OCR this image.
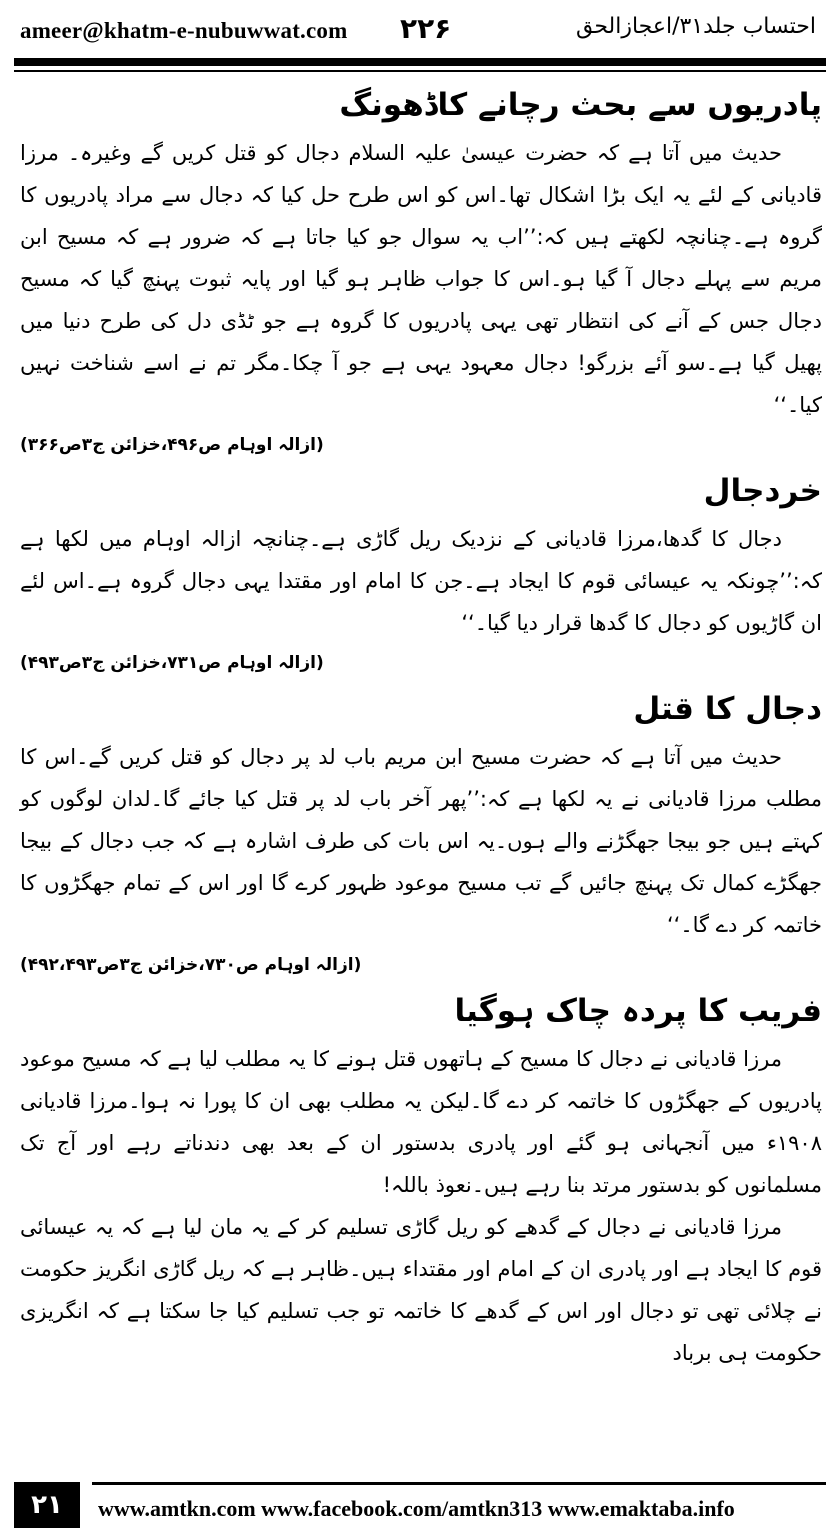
ameer@khatm-e-nubuwwat.com ۲۲۶	احتساب جلد۳۱/اعجازالحق
پادریوں سے بحث رچانے کاڈھونگ

حدیث میں آتا ہے کہ حضرت عیسیٰ علیہ السلام دجال کو قتل کریں گے وغیرہ۔ مرزا قادیانی کے لئے یہ ایک بڑا اشکال تھا۔اس کو اس طرح حل کیا کہ دجال سے مراد پادریوں کا گروہ ہے۔چنانچہ لکھتے ہیں کہ:’’اب یہ سوال جو کیا جاتا ہے کہ ضرور ہے کہ مسیح ابن مریم سے پہلے دجال آ گیا ہو۔اس کا جواب ظاہر ہو گیا اور پایہ ثبوت پہنچ گیا کہ مسیح دجال جس کے آنے کی انتظار تھی یہی پادریوں کا گروہ ہے جو ٹڈی دل کی طرح دنیا میں پھیل گیا ہے۔سو آئے بزرگو! دجال معہود یہی ہے جو آ چکا۔مگر تم نے اسے شناخت نہیں کیا۔‘‘

(ازالہ اوہام ص۴۹۶،خزائن ج۳ص۳۶۶)

خردجال

دجال کا گدھا،مرزا قادیانی کے نزدیک ریل گاڑی ہے۔چنانچہ ازالہ اوہام میں لکھا ہے کہ:’’چونکہ یہ عیسائی قوم کا ایجاد ہے۔جن کا امام اور مقتدا یہی دجال گروہ ہے۔اس لئے ان گاڑیوں کو دجال کا گدھا قرار دیا گیا۔‘‘

(ازالہ اوہام ص۷۳۱،خزائن ج۳ص۴۹۳)

دجال کا قتل

حدیث میں آتا ہے کہ حضرت مسیح ابن مریم باب لد پر دجال کو قتل کریں گے۔اس کا مطلب مرزا قادیانی نے یہ لکھا ہے کہ:’’پھر آخر باب لد پر قتل کیا جائے گا۔لدان لوگوں کو کہتے ہیں جو بیجا جھگڑنے والے ہوں۔یہ اس بات کی طرف اشارہ ہے کہ جب دجال کے بیجا جھگڑے کمال تک پہنچ جائیں گے تب مسیح موعود ظہور کرے گا اور اس کے تمام جھگڑوں کا خاتمہ کر دے گا۔‘‘

(ازالہ اوہام ص۷۳۰،خزائن ج۳ص۴۹۲،۴۹۳)

فریب کا پردہ چاک ہوگیا

مرزا قادیانی نے دجال کا مسیح کے ہاتھوں قتل ہونے کا یہ مطلب لیا ہے کہ مسیح موعود پادریوں کے جھگڑوں کا خاتمہ کر دے گا۔لیکن یہ مطلب بھی ان کا پورا نہ ہوا۔مرزا قادیانی ۱۹۰۸ء میں آنجہانی ہو گئے اور پادری بدستور ان کے بعد بھی دندناتے رہے اور آج تک مسلمانوں کو بدستور مرتد بنا رہے ہیں۔نعوذ باللہ!

مرزا قادیانی نے دجال کے گدھے کو ریل گاڑی تسلیم کر کے یہ مان لیا ہے کہ یہ عیسائی قوم کا ایجاد ہے اور پادری ان کے امام اور مقتداء ہیں۔ظاہر ہے کہ ریل گاڑی انگریز حکومت نے چلائی تھی تو دجال اور اس کے گدھے کا خاتمہ تو جب تسلیم کیا جا سکتا ہے کہ انگریزی حکومت ہی برباد

۲۱	www.amtkn.com www.facebook.com/amtkn313 www.emaktaba.info
